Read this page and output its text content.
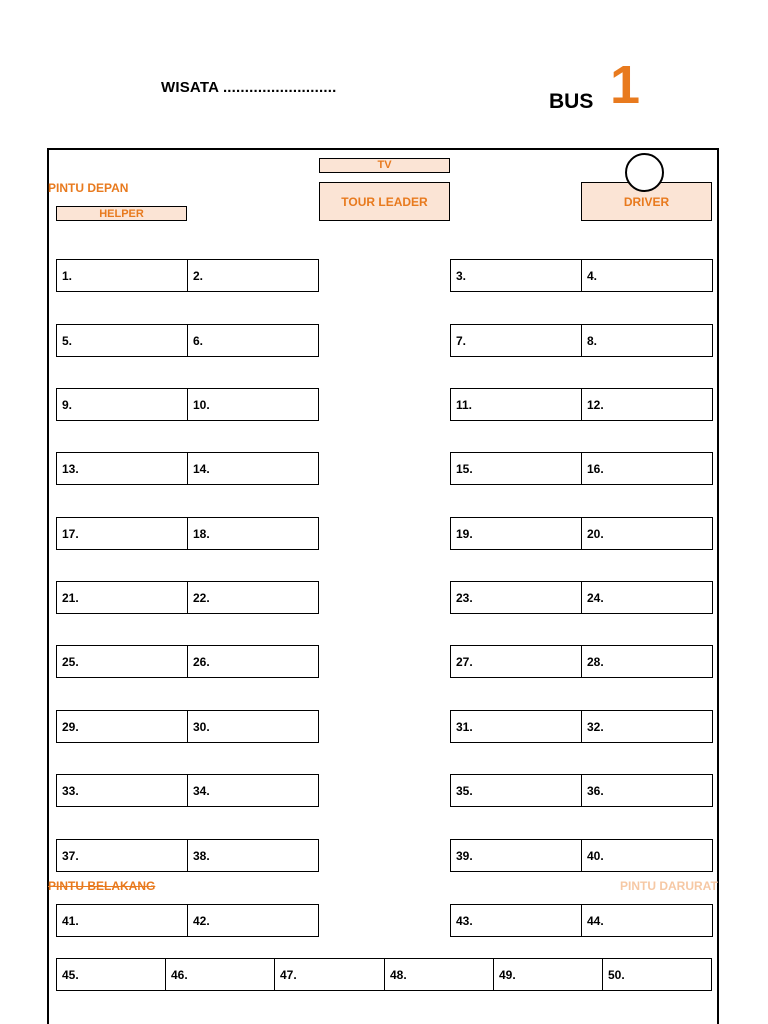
WISATA ..........................
BUS 1
TV
TOUR LEADER	DRIVER
HELPER
PINTU DEPAN
PINTU BELAKANG	PINTU DARURAT
1.	2.	3.	4.
5.	6.	7.	8.
9.	10.	11.	12.
13.	14.	15.	16.
17.	18.	19.	20.
21.	22.	23.	24.
25.	26.	27.	28.
29.	30.	31.	32.
33.	34.	35.	36.
37.	38.	39.	40.
41.	42.	43.	44.
45.	46.	47.	48.	49.	50.
